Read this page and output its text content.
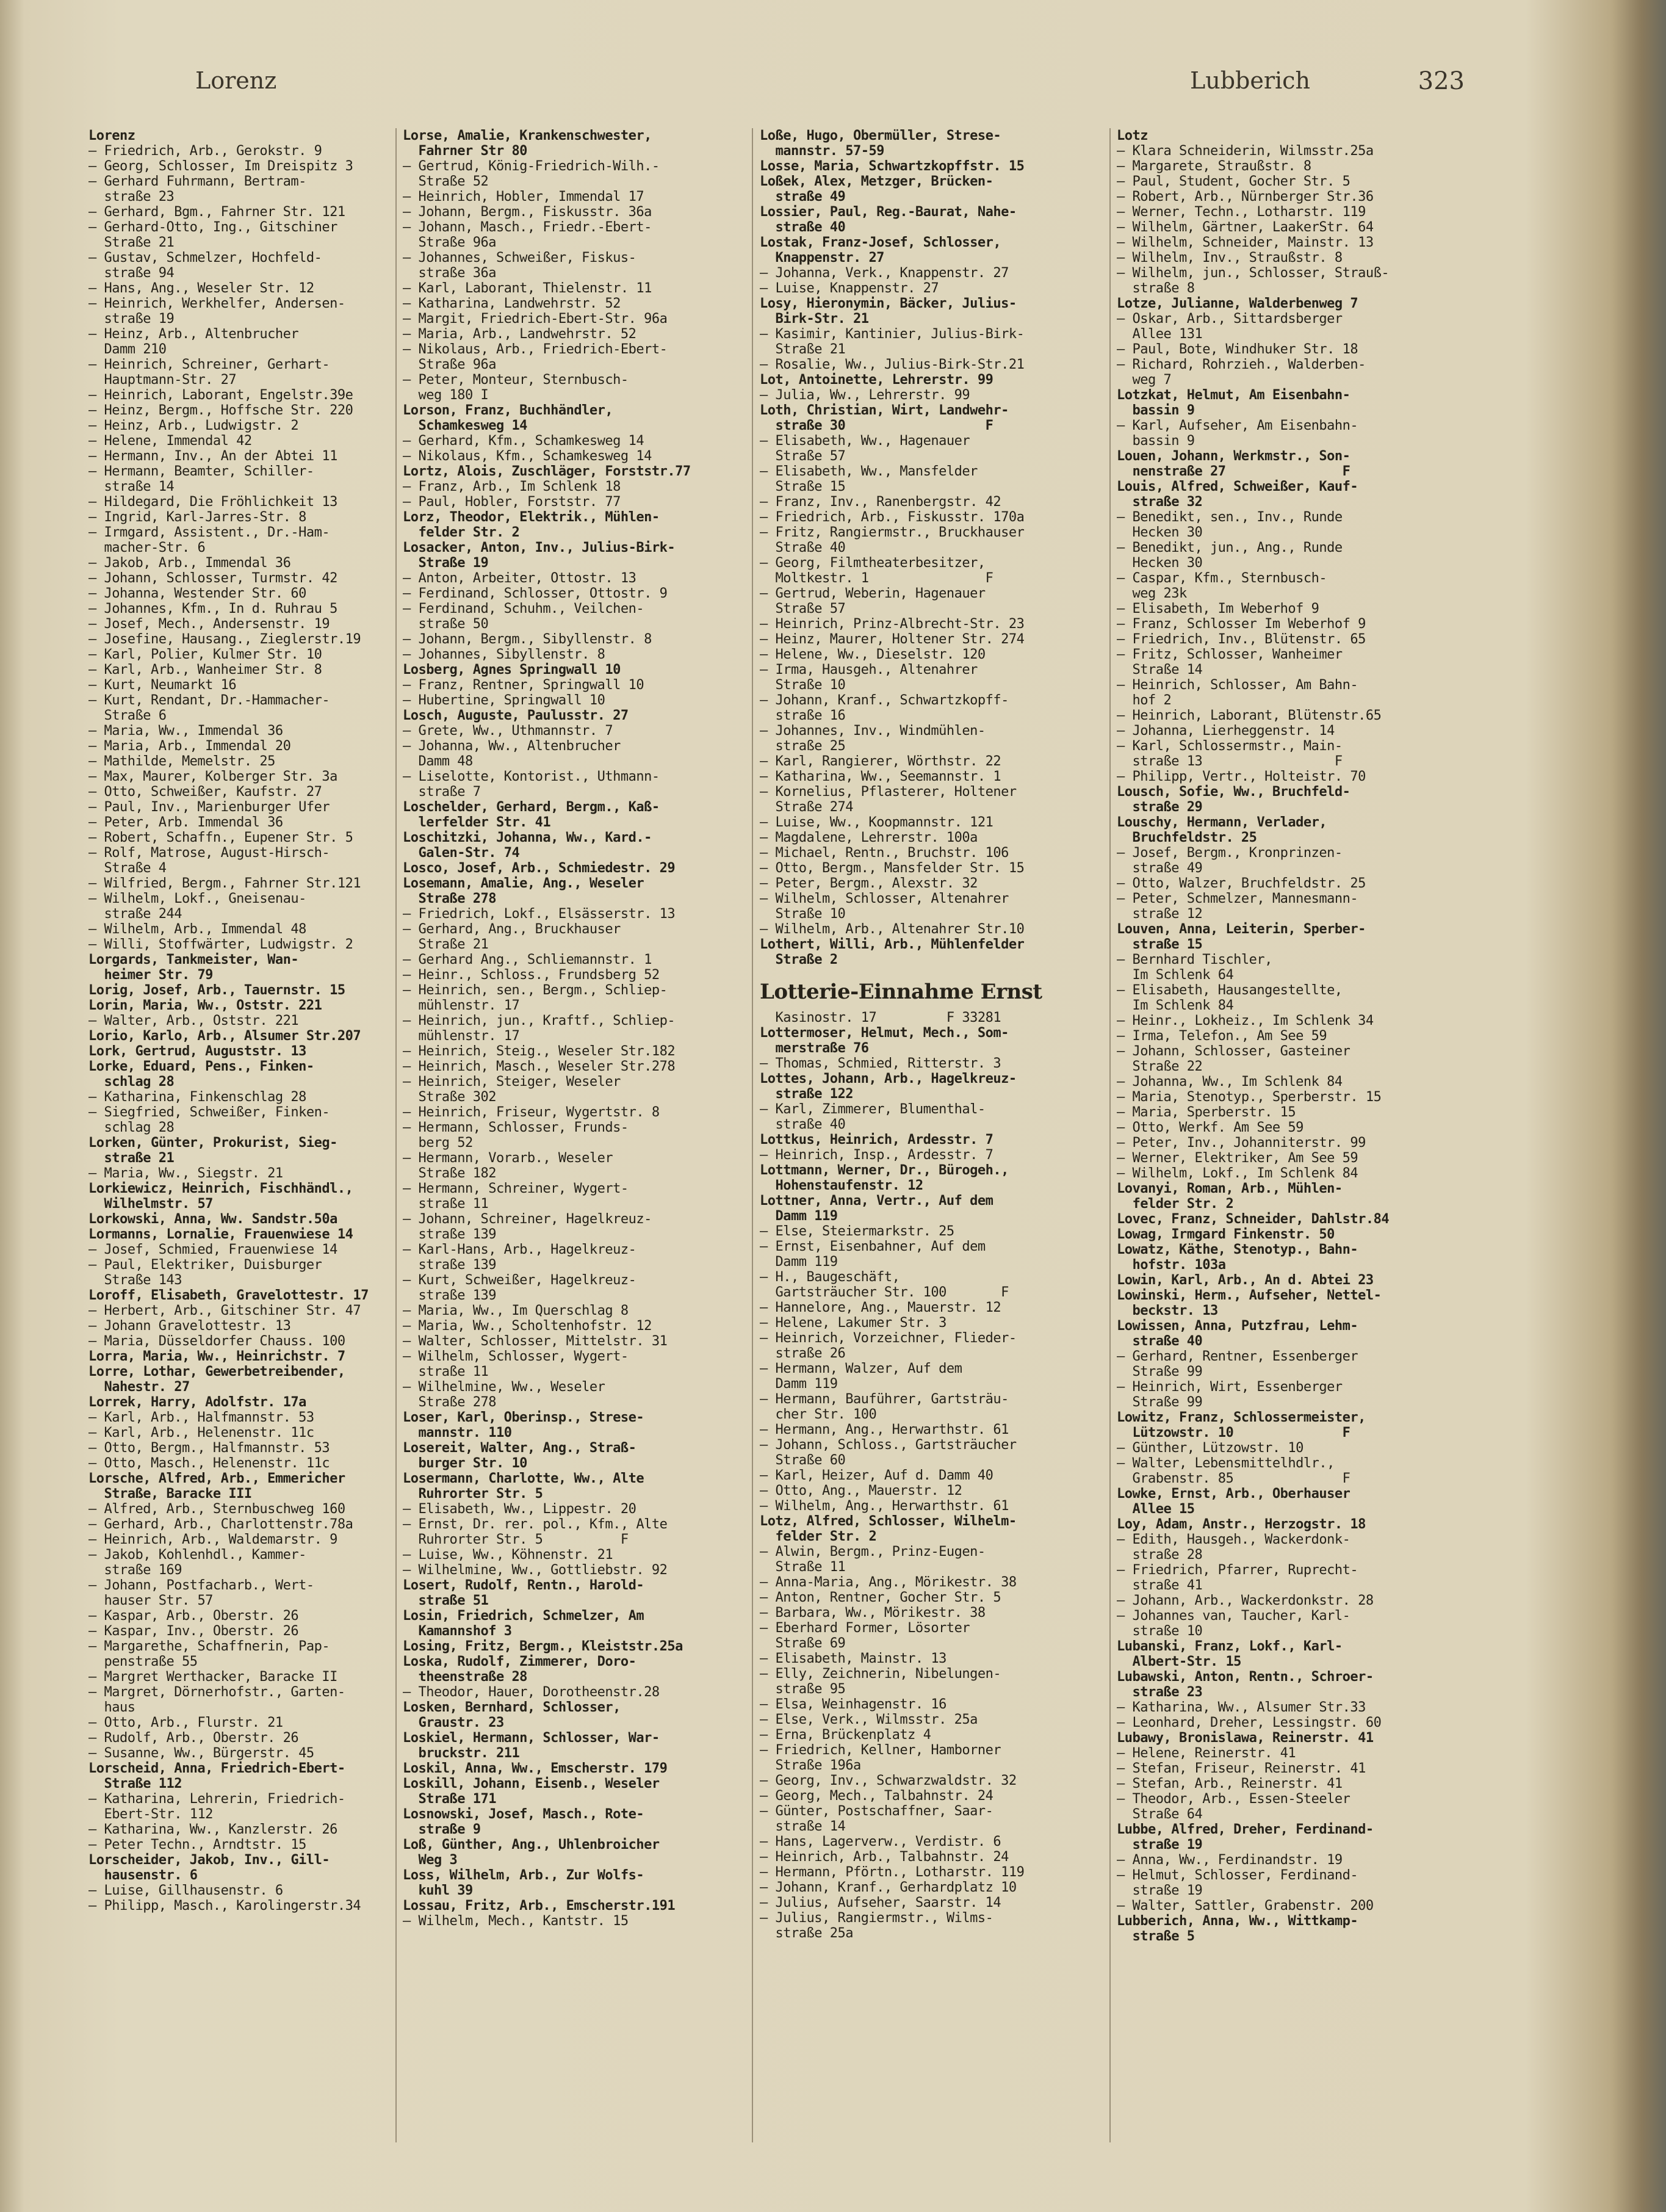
Lorenz	Lubberich	323

Lorenz

— Friedrich, Arb., Gerokstr. 9

— Georg, Schlosser, Im Dreispitz 3

— Gerhard Fuhrmann, Bertram-
straße 23

— Gerhard, Bgm., Fahrner Str. 121

— Gerhard-Otto, Ing., Gitschiner
Straße 21

— Gustav, Schmelzer, Hochfeld-
straße 94

— Hans, Ang., Weseler Str. 12

— Heinrich, Werkhelfer, Andersen-
straße 19

— Heinz, Arb., Altenbrucher
Damm 210

— Heinrich, Schreiner, Gerhart-
Hauptmann-Str. 27

— Heinrich, Laborant, Engelstr.39e

— Heinz, Bergm., Hoffsche Str. 220

— Heinz, Arb., Ludwigstr. 2

— Helene, Immendal 42

— Hermann, Inv., An der Abtei 11

— Hermann, Beamter, Schiller-
straße 14

— Hildegard, Die Fröhlichkeit 13

— Ingrid, Karl-Jarres-Str. 8

— Irmgard, Assistent., Dr.-Ham-
macher-Str. 6

— Jakob, Arb., Immendal 36

— Johann, Schlosser, Turmstr. 42

— Johanna, Westender Str. 60

— Johannes, Kfm., In d. Ruhrau 5

— Josef, Mech., Andersenstr. 19

— Josefine, Hausang., Zieglerstr.19

— Karl, Polier, Kulmer Str. 10

— Karl, Arb., Wanheimer Str. 8

— Kurt, Neumarkt 16

— Kurt, Rendant, Dr.-Hammacher-
Straße 6

— Maria, Ww., Immendal 36

— Maria, Arb., Immendal 20

— Mathilde, Memelstr. 25

— Max, Maurer, Kolberger Str. 3a

— Otto, Schweißer, Kaufstr. 27

— Paul, Inv., Marienburger Ufer

— Peter, Arb. Immendal 36

— Robert, Schaffn., Eupener Str. 5

— Rolf, Matrose, August-Hirsch-
Straße 4

— Wilfried, Bergm., Fahrner Str.121

— Wilhelm, Lokf., Gneisenau-
straße 244

— Wilhelm, Arb., Immendal 48

— Willi, Stoffwärter, Ludwigstr. 2

Lorgards, Tankmeister, Wan-
heimer Str. 79

Lorig, Josef, Arb., Tauernstr. 15

Lorin, Maria, Ww., Oststr. 221

— Walter, Arb., Oststr. 221

Lorio, Karlo, Arb., Alsumer Str.207

Lork, Gertrud, Auguststr. 13

Lorke, Eduard, Pens., Finken-
schlag 28

— Katharina, Finkenschlag 28

— Siegfried, Schweißer, Finken-
schlag 28

Lorken, Günter, Prokurist, Sieg-
straße 21

— Maria, Ww., Siegstr. 21

Lorkiewicz, Heinrich, Fischhändl.,
Wilhelmstr. 57

Lorkowski, Anna, Ww. Sandstr.50a

Lormanns, Lornalie, Frauenwiese 14

— Josef, Schmied, Frauenwiese 14

— Paul, Elektriker, Duisburger
Straße 143

Loroff, Elisabeth, Gravelottestr. 17

— Herbert, Arb., Gitschiner Str. 47

— Johann Gravelottestr. 13

— Maria, Düsseldorfer Chauss. 100

Lorra, Maria, Ww., Heinrichstr. 7

Lorre, Lothar, Gewerbetreibender,
Nahestr. 27

Lorrek, Harry, Adolfstr. 17a

— Karl, Arb., Halfmannstr. 53

— Karl, Arb., Helenenstr. 11c

— Otto, Bergm., Halfmannstr. 53

— Otto, Masch., Helenenstr. 11c

Lorsche, Alfred, Arb., Emmericher
Straße, Baracke III

— Alfred, Arb., Sternbuschweg 160

— Gerhard, Arb., Charlottenstr.78a

— Heinrich, Arb., Waldemarstr. 9

— Jakob, Kohlenhdl., Kammer-
straße 169

— Johann, Postfacharb., Wert-
hauser Str. 57

— Kaspar, Arb., Oberstr. 26

— Kaspar, Inv., Oberstr. 26

— Margarethe, Schaffnerin, Pap-
penstraße 55

— Margret Werthacker, Baracke II

— Margret, Dörnerhofstr., Garten-
haus

— Otto, Arb., Flurstr. 21

— Rudolf, Arb., Oberstr. 26

— Susanne, Ww., Bürgerstr. 45

Lorscheid, Anna, Friedrich-Ebert-
Straße 112

— Katharina, Lehrerin, Friedrich-
Ebert-Str. 112

— Katharina, Ww., Kanzlerstr. 26

— Peter Techn., Arndtstr. 15

Lorscheider, Jakob, Inv., Gill-
hausenstr. 6

— Luise, Gillhausenstr. 6

— Philipp, Masch., Karolingerstr.34

Lorse, Amalie, Krankenschwester,
Fahrner Str 80

— Gertrud, König-Friedrich-Wilh.-
Straße 52

— Heinrich, Hobler, Immendal 17

— Johann, Bergm., Fiskusstr. 36a

— Johann, Masch., Friedr.-Ebert-
Straße 96a

— Johannes, Schweißer, Fiskus-
straße 36a

— Karl, Laborant, Thielenstr. 11

— Katharina, Landwehrstr. 52

— Margit, Friedrich-Ebert-Str. 96a

— Maria, Arb., Landwehrstr. 52

— Nikolaus, Arb., Friedrich-Ebert-
Straße 96a

— Peter, Monteur, Sternbusch-
weg 180 I

Lorson, Franz, Buchhändler,
Schamkesweg 14

— Gerhard, Kfm., Schamkesweg 14

— Nikolaus, Kfm., Schamkesweg 14

Lortz, Alois, Zuschläger, Forststr.77

— Franz, Arb., Im Schlenk 18

— Paul, Hobler, Forststr. 77

Lorz, Theodor, Elektrik., Mühlen-
felder Str. 2

Losacker, Anton, Inv., Julius-Birk-
Straße 19

— Anton, Arbeiter, Ottostr. 13

— Ferdinand, Schlosser, Ottostr. 9

— Ferdinand, Schuhm., Veilchen-
straße 50

— Johann, Bergm., Sibyllenstr. 8

— Johannes, Sibyllenstr. 8

Losberg, Agnes Springwall 10

— Franz, Rentner, Springwall 10

— Hubertine, Springwall 10

Losch, Auguste, Paulusstr. 27

— Grete, Ww., Uthmannstr. 7

— Johanna, Ww., Altenbrucher
Damm 48

— Liselotte, Kontorist., Uthmann-
straße 7

Loschelder, Gerhard, Bergm., Kaß-
lerfelder Str. 41

Loschitzki, Johanna, Ww., Kard.-
Galen-Str. 74

Losco, Josef, Arb., Schmiedestr. 29

Losemann, Amalie, Ang., Weseler
Straße 278

— Friedrich, Lokf., Elsässerstr. 13

— Gerhard, Ang., Bruckhauser
Straße 21

— Gerhard Ang., Schliemannstr. 1

— Heinr., Schloss., Frundsberg 52

— Heinrich, sen., Bergm., Schliep-
mühlenstr. 17

— Heinrich, jun., Kraftf., Schliep-
mühlenstr. 17

— Heinrich, Steig., Weseler Str.182

— Heinrich, Masch., Weseler Str.278

— Heinrich, Steiger, Weseler
Straße 302

— Heinrich, Friseur, Wygertstr. 8

— Hermann, Schlosser, Frunds-
berg 52

— Hermann, Vorarb., Weseler
Straße 182

— Hermann, Schreiner, Wygert-
straße 11

— Johann, Schreiner, Hagelkreuz-
straße 139

— Karl-Hans, Arb., Hagelkreuz-
straße 139

— Kurt, Schweißer, Hagelkreuz-
straße 139

— Maria, Ww., Im Querschlag 8

— Maria, Ww., Scholtenhofstr. 12

— Walter, Schlosser, Mittelstr. 31

— Wilhelm, Schlosser, Wygert-
straße 11

— Wilhelmine, Ww., Weseler
Straße 278

Loser, Karl, Oberinsp., Strese-
mannstr. 110

Losereit, Walter, Ang., Straß-
burger Str. 10

Losermann, Charlotte, Ww., Alte
Ruhrorter Str. 5

— Elisabeth, Ww., Lippestr. 20

— Ernst, Dr. rer. pol., Kfm., Alte
Ruhrorter Str. 5          F

— Luise, Ww., Köhnenstr. 21

— Wilhelmine, Ww., Gottliebstr. 92

Losert, Rudolf, Rentn., Harold-
straße 51

Losin, Friedrich, Schmelzer, Am
Kamannshof 3

Losing, Fritz, Bergm., Kleiststr.25a

Loska, Rudolf, Zimmerer, Doro-
theenstraße 28

— Theodor, Hauer, Dorotheenstr.28

Losken, Bernhard, Schlosser,
Graustr. 23

Loskiel, Hermann, Schlosser, War-
bruckstr. 211

Loskil, Anna, Ww., Emscherstr. 179

Loskill, Johann, Eisenb., Weseler
Straße 171

Losnowski, Josef, Masch., Rote-
straße 9

Loß, Günther, Ang., Uhlenbroicher
Weg 3

Loss, Wilhelm, Arb., Zur Wolfs-
kuhl 39

Lossau, Fritz, Arb., Emscherstr.191

— Wilhelm, Mech., Kantstr. 15

Loße, Hugo, Obermüller, Strese-
mannstr. 57-59

Losse, Maria, Schwartzkopffstr. 15

Loßek, Alex, Metzger, Brücken-
straße 49

Lossier, Paul, Reg.-Baurat, Nahe-
straße 40

Lostak, Franz-Josef, Schlosser,
Knappenstr. 27

— Johanna, Verk., Knappenstr. 27

— Luise, Knappenstr. 27

Losy, Hieronymin, Bäcker, Julius-
Birk-Str. 21

— Kasimir, Kantinier, Julius-Birk-
Straße 21

— Rosalie, Ww., Julius-Birk-Str.21

Lot, Antoinette, Lehrerstr. 99

— Julia, Ww., Lehrerstr. 99

Loth, Christian, Wirt, Landwehr-
straße 30                  F

— Elisabeth, Ww., Hagenauer
Straße 57

— Elisabeth, Ww., Mansfelder
Straße 15

— Franz, Inv., Ranenbergstr. 42

— Friedrich, Arb., Fiskusstr. 170a

— Fritz, Rangiermstr., Bruckhauser
Straße 40

— Georg, Filmtheaterbesitzer,
Moltkestr. 1               F

— Gertrud, Weberin, Hagenauer
Straße 57

— Heinrich, Prinz-Albrecht-Str. 23

— Heinz, Maurer, Holtener Str. 274

— Helene, Ww., Dieselstr. 120

— Irma, Hausgeh., Altenahrer
Straße 10

— Johann, Kranf., Schwartzkopff-
straße 16

— Johannes, Inv., Windmühlen-
straße 25

— Karl, Rangierer, Wörthstr. 22

— Katharina, Ww., Seemannstr. 1

— Kornelius, Pflasterer, Holtener
Straße 274

— Luise, Ww., Koopmannstr. 121

— Magdalene, Lehrerstr. 100a

— Michael, Rentn., Bruchstr. 106

— Otto, Bergm., Mansfelder Str. 15

— Peter, Bergm., Alexstr. 32

— Wilhelm, Schlosser, Altenahrer
Straße 10

— Wilhelm, Arb., Altenahrer Str.10

Lothert, Willi, Arb., Mühlenfelder
Straße 2

Lotterie-Einnahme Ernst

Kasinostr. 17         F 33281

Lottermoser, Helmut, Mech., Som-
merstraße 76

— Thomas, Schmied, Ritterstr. 3

Lottes, Johann, Arb., Hagelkreuz-
straße 122

— Karl, Zimmerer, Blumenthal-
straße 40

Lottkus, Heinrich, Ardesstr. 7

— Heinrich, Insp., Ardesstr. 7

Lottmann, Werner, Dr., Bürogeh.,
Hohenstaufenstr. 12

Lottner, Anna, Vertr., Auf dem
Damm 119

— Else, Steiermarkstr. 25

— Ernst, Eisenbahner, Auf dem
Damm 119

— H., Baugeschäft,
Gartsträucher Str. 100       F

— Hannelore, Ang., Mauerstr. 12

— Helene, Lakumer Str. 3

— Heinrich, Vorzeichner, Flieder-
straße 26

— Hermann, Walzer, Auf dem
Damm 119

— Hermann, Bauführer, Gartsträu-
cher Str. 100

— Hermann, Ang., Herwarthstr. 61

— Johann, Schloss., Gartsträucher
Straße 60

— Karl, Heizer, Auf d. Damm 40

— Otto, Ang., Mauerstr. 12

— Wilhelm, Ang., Herwarthstr. 61

Lotz, Alfred, Schlosser, Wilhelm-
felder Str. 2

— Alwin, Bergm., Prinz-Eugen-
Straße 11

— Anna-Maria, Ang., Mörikestr. 38

— Anton, Rentner, Gocher Str. 5

— Barbara, Ww., Mörikestr. 38

— Eberhard Former, Lösorter
Straße 69

— Elisabeth, Mainstr. 13

— Elly, Zeichnerin, Nibelungen-
straße 95

— Elsa, Weinhagenstr. 16

— Else, Verk., Wilmsstr. 25a

— Erna, Brückenplatz 4

— Friedrich, Kellner, Hamborner
Straße 196a

— Georg, Inv., Schwarzwaldstr. 32

— Georg, Mech., Talbahnstr. 24

— Günter, Postschaffner, Saar-
straße 14

— Hans, Lagerverw., Verdistr. 6

— Heinrich, Arb., Talbahnstr. 24

— Hermann, Pförtn., Lotharstr. 119

— Johann, Kranf., Gerhardplatz 10

— Julius, Aufseher, Saarstr. 14

— Julius, Rangiermstr., Wilms-
straße 25a

Lotz

— Klara Schneiderin, Wilmsstr.25a

— Margarete, Straußstr. 8

— Paul, Student, Gocher Str. 5

— Robert, Arb., Nürnberger Str.36

— Werner, Techn., Lotharstr. 119

— Wilhelm, Gärtner, LaakerStr. 64

— Wilhelm, Schneider, Mainstr. 13

— Wilhelm, Inv., Straußstr. 8

— Wilhelm, jun., Schlosser, Strauß-
straße 8

Lotze, Julianne, Walderbenweg 7

— Oskar, Arb., Sittardsberger
Allee 131

— Paul, Bote, Windhuker Str. 18

— Richard, Rohrzieh., Walderben-
weg 7

Lotzkat, Helmut, Am Eisenbahn-
bassin 9

— Karl, Aufseher, Am Eisenbahn-
bassin 9

Louen, Johann, Werkmstr., Son-
nenstraße 27               F

Louis, Alfred, Schweißer, Kauf-
straße 32

— Benedikt, sen., Inv., Runde
Hecken 30

— Benedikt, jun., Ang., Runde
Hecken 30

— Caspar, Kfm., Sternbusch-
weg 23k

— Elisabeth, Im Weberhof 9

— Franz, Schlosser Im Weberhof 9

— Friedrich, Inv., Blütenstr. 65

— Fritz, Schlosser, Wanheimer
Straße 14

— Heinrich, Schlosser, Am Bahn-
hof 2

— Heinrich, Laborant, Blütenstr.65

— Johanna, Lierheggenstr. 14

— Karl, Schlossermstr., Main-
straße 13                 F

— Philipp, Vertr., Holteistr. 70

Lousch, Sofie, Ww., Bruchfeld-
straße 29

Louschy, Hermann, Verlader,
Bruchfeldstr. 25

— Josef, Bergm., Kronprinzen-
straße 49

— Otto, Walzer, Bruchfeldstr. 25

— Peter, Schmelzer, Mannesmann-
straße 12

Louven, Anna, Leiterin, Sperber-
straße 15

— Bernhard Tischler,
Im Schlenk 64

— Elisabeth, Hausangestellte,
Im Schlenk 84

— Heinr., Lokheiz., Im Schlenk 34

— Irma, Telefon., Am See 59

— Johann, Schlosser, Gasteiner
Straße 22

— Johanna, Ww., Im Schlenk 84

— Maria, Stenotyp., Sperberstr. 15

— Maria, Sperberstr. 15

— Otto, Werkf. Am See 59

— Peter, Inv., Johanniterstr. 99

— Werner, Elektriker, Am See 59

— Wilhelm, Lokf., Im Schlenk 84

Lovanyi, Roman, Arb., Mühlen-
felder Str. 2

Lovec, Franz, Schneider, Dahlstr.84

Lowag, Irmgard Finkenstr. 50

Lowatz, Käthe, Stenotyp., Bahn-
hofstr. 103a

Lowin, Karl, Arb., An d. Abtei 23

Lowinski, Herm., Aufseher, Nettel-
beckstr. 13

Lowissen, Anna, Putzfrau, Lehm-
straße 40

— Gerhard, Rentner, Essenberger
Straße 99

— Heinrich, Wirt, Essenberger
Straße 99

Lowitz, Franz, Schlossermeister,
Lützowstr. 10              F

— Günther, Lützowstr. 10

— Walter, Lebensmittelhdlr.,
Grabenstr. 85              F

Lowke, Ernst, Arb., Oberhauser
Allee 15

Loy, Adam, Anstr., Herzogstr. 18

— Edith, Hausgeh., Wackerdonk-
straße 28

— Friedrich, Pfarrer, Ruprecht-
straße 41

— Johann, Arb., Wackerdonkstr. 28

— Johannes van, Taucher, Karl-
straße 10

Lubanski, Franz, Lokf., Karl-
Albert-Str. 15

Lubawski, Anton, Rentn., Schroer-
straße 23

— Katharina, Ww., Alsumer Str.33

— Leonhard, Dreher, Lessingstr. 60

Lubawy, Bronislawa, Reinerstr. 41

— Helene, Reinerstr. 41

— Stefan, Friseur, Reinerstr. 41

— Stefan, Arb., Reinerstr. 41

— Theodor, Arb., Essen-Steeler
Straße 64

Lubbe, Alfred, Dreher, Ferdinand-
straße 19

— Anna, Ww., Ferdinandstr. 19

— Helmut, Schlosser, Ferdinand-
straße 19

— Walter, Sattler, Grabenstr. 200

Lubberich, Anna, Ww., Wittkamp-
straße 5
